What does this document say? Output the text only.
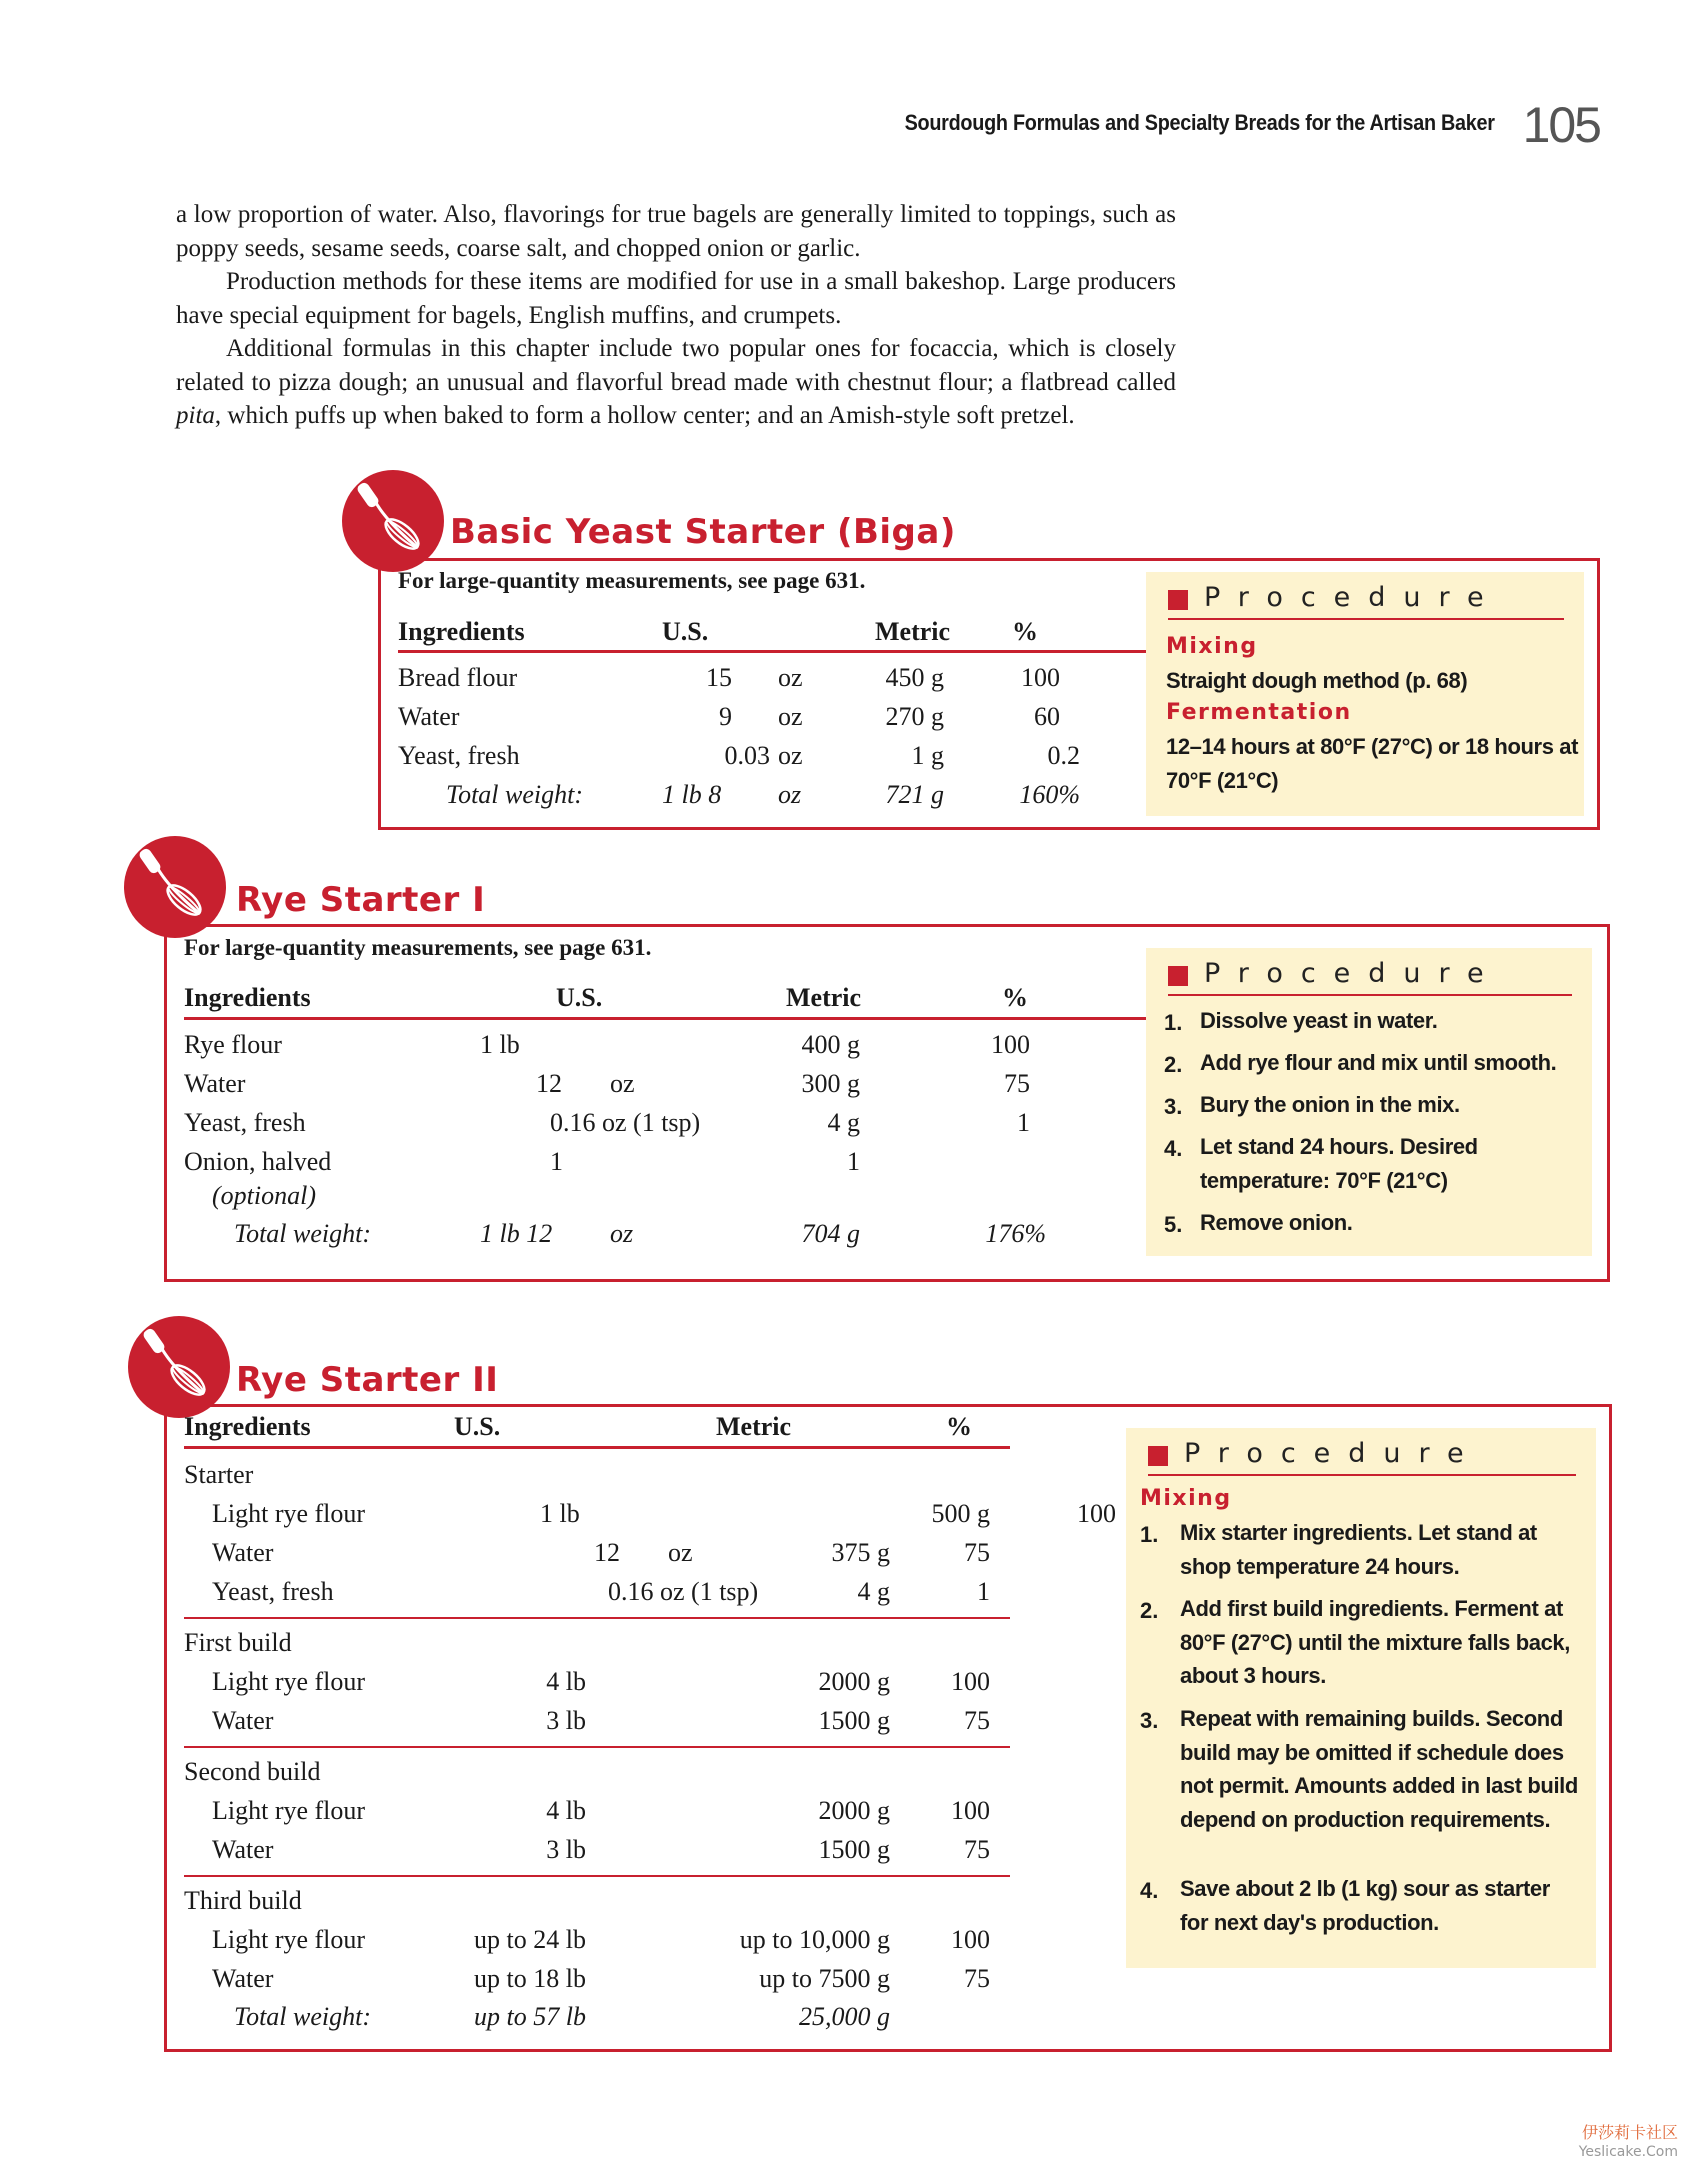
Sourdough Formulas and Specialty Breads for the Artisan Baker 105

a low proportion of water. Also, flavorings for true bagels are generally limited to toppings, such as poppy seeds, sesame seeds, coarse salt, and chopped onion or garlic.

Production methods for these items are modified for use in a small bakeshop. Large producers have special equipment for bagels, English muffins, and crumpets.

Additional formulas in this chapter include two popular ones for focaccia, which is closely related to pizza dough; an unusual and flavorful bread made with chestnut flour; a flatbread called pita, which puffs up when baked to form a hollow center; and an Amish-style soft pretzel.

Basic Yeast Starter (Biga)
For large-quantity measurements, see page 631.
Ingredients	U.S.	Metric %
Bread flour	15 oz	450 g	100
Water	9 oz	270 g	60
Yeast, fresh	0.03 oz	1 g	0.2
Total weight:	1 lb 8 oz	721 g	160%
Procedure
Mixing
Straight dough method (p. 68)
Fermentation
12–14 hours at 80°F (27°C) or 18 hours at 70°F (21°C)
Rye Starter I
For large-quantity measurements, see page 631.
Ingredients	U.S.	Metric	%
Rye flour	1 lb	400 g	100
Water	12 oz	300 g	75
Yeast, fresh	0.16 oz (1 tsp)	4 g	1
Onion, halved	1	1
(optional)
Total weight:	1 lb 12 oz	704 g	176%
Procedure
1. Dissolve yeast in water.
2. Add rye flour and mix until smooth.
3. Bury the onion in the mix.
4. Let stand 24 hours. Desired temperature: 70°F (21°C)
5. Remove onion.
Rye Starter II
Ingredients	U.S.	Metric	%
Starter
Light rye flour	1 lb	500 g	100
Water	12 oz	375 g	75
Yeast, fresh	0.16 oz (1 tsp)	4 g	1
First build
Light rye flour	4 lb	2000 g	100
Water	3 lb	1500 g	75
Second build
Light rye flour	4 lb	2000 g	100
Water	3 lb	1500 g	75
Third build
Light rye flour	up to 24 lb	up to 10,000 g	100
Water	up to 18 lb	up to 7500 g	75
Total weight:	up to 57 lb	25,000 g
Procedure
Mixing
1. Mix starter ingredients. Let stand at shop temperature 24 hours.
2. Add first build ingredients. Ferment at 80°F (27°C) until the mixture falls back, about 3 hours.
3. Repeat with remaining builds. Second build may be omitted if schedule does not permit. Amounts added in last build depend on production requirements.
4. Save about 2 lb (1 kg) sour as starter for next day's production.
伊莎莉卡社区
Yeslicake.Com
